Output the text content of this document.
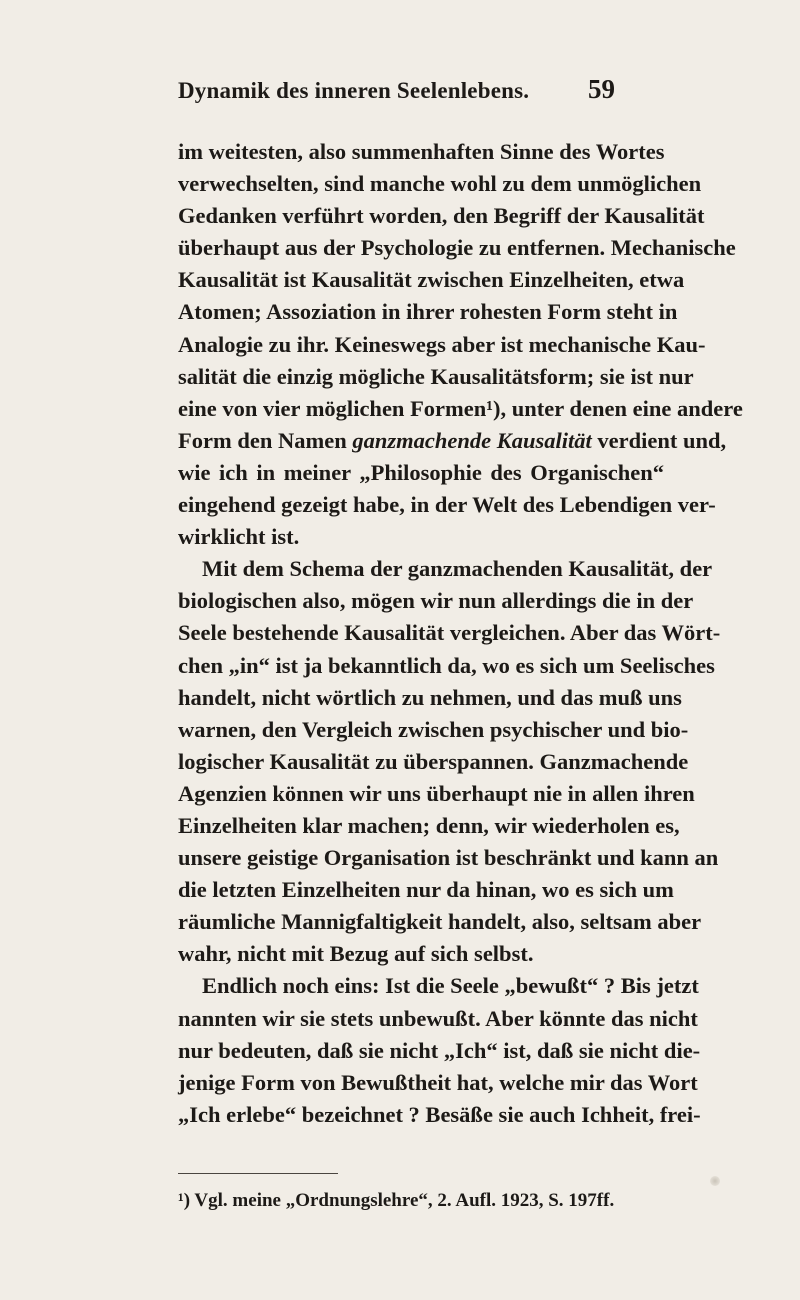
Dynamik des inneren Seelenlebens.	59
im weitesten, also summenhaften Sinne des Wortes
verwechselten, sind manche wohl zu dem unmöglichen
Gedanken verführt worden, den Begriff der Kausalität
überhaupt aus der Psychologie zu entfernen. Mechanische
Kausalität ist Kausalität zwischen Einzelheiten, etwa
Atomen; Assoziation in ihrer rohesten Form steht in
Analogie zu ihr. Keineswegs aber ist mechanische Kau-
salität die einzig mögliche Kausalitätsform; sie ist nur
eine von vier möglichen Formen¹), unter denen eine andere
Form den Namen ganzmachende Kausalität verdient und,
wie ich in meiner „Philosophie des Organischen“
eingehend gezeigt habe, in der Welt des Lebendigen ver-
wirklicht ist.
Mit dem Schema der ganzmachenden Kausalität, der
biologischen also, mögen wir nun allerdings die in der
Seele bestehende Kausalität vergleichen. Aber das Wört-
chen „in“ ist ja bekanntlich da, wo es sich um Seelisches
handelt, nicht wörtlich zu nehmen, und das muß uns
warnen, den Vergleich zwischen psychischer und bio-
logischer Kausalität zu überspannen. Ganzmachende
Agenzien können wir uns überhaupt nie in allen ihren
Einzelheiten klar machen; denn, wir wiederholen es,
unsere geistige Organisation ist beschränkt und kann an
die letzten Einzelheiten nur da hinan, wo es sich um
räumliche Mannigfaltigkeit handelt, also, seltsam aber
wahr, nicht mit Bezug auf sich selbst.
Endlich noch eins: Ist die Seele „bewußt“ ? Bis jetzt
nannten wir sie stets unbewußt. Aber könnte das nicht
nur bedeuten, daß sie nicht „Ich“ ist, daß sie nicht die-
jenige Form von Bewußtheit hat, welche mir das Wort
„Ich erlebe“ bezeichnet ? Besäße sie auch Ichheit, frei-
¹) Vgl. meine „Ordnungslehre“, 2. Aufl. 1923, S. 197ff.
